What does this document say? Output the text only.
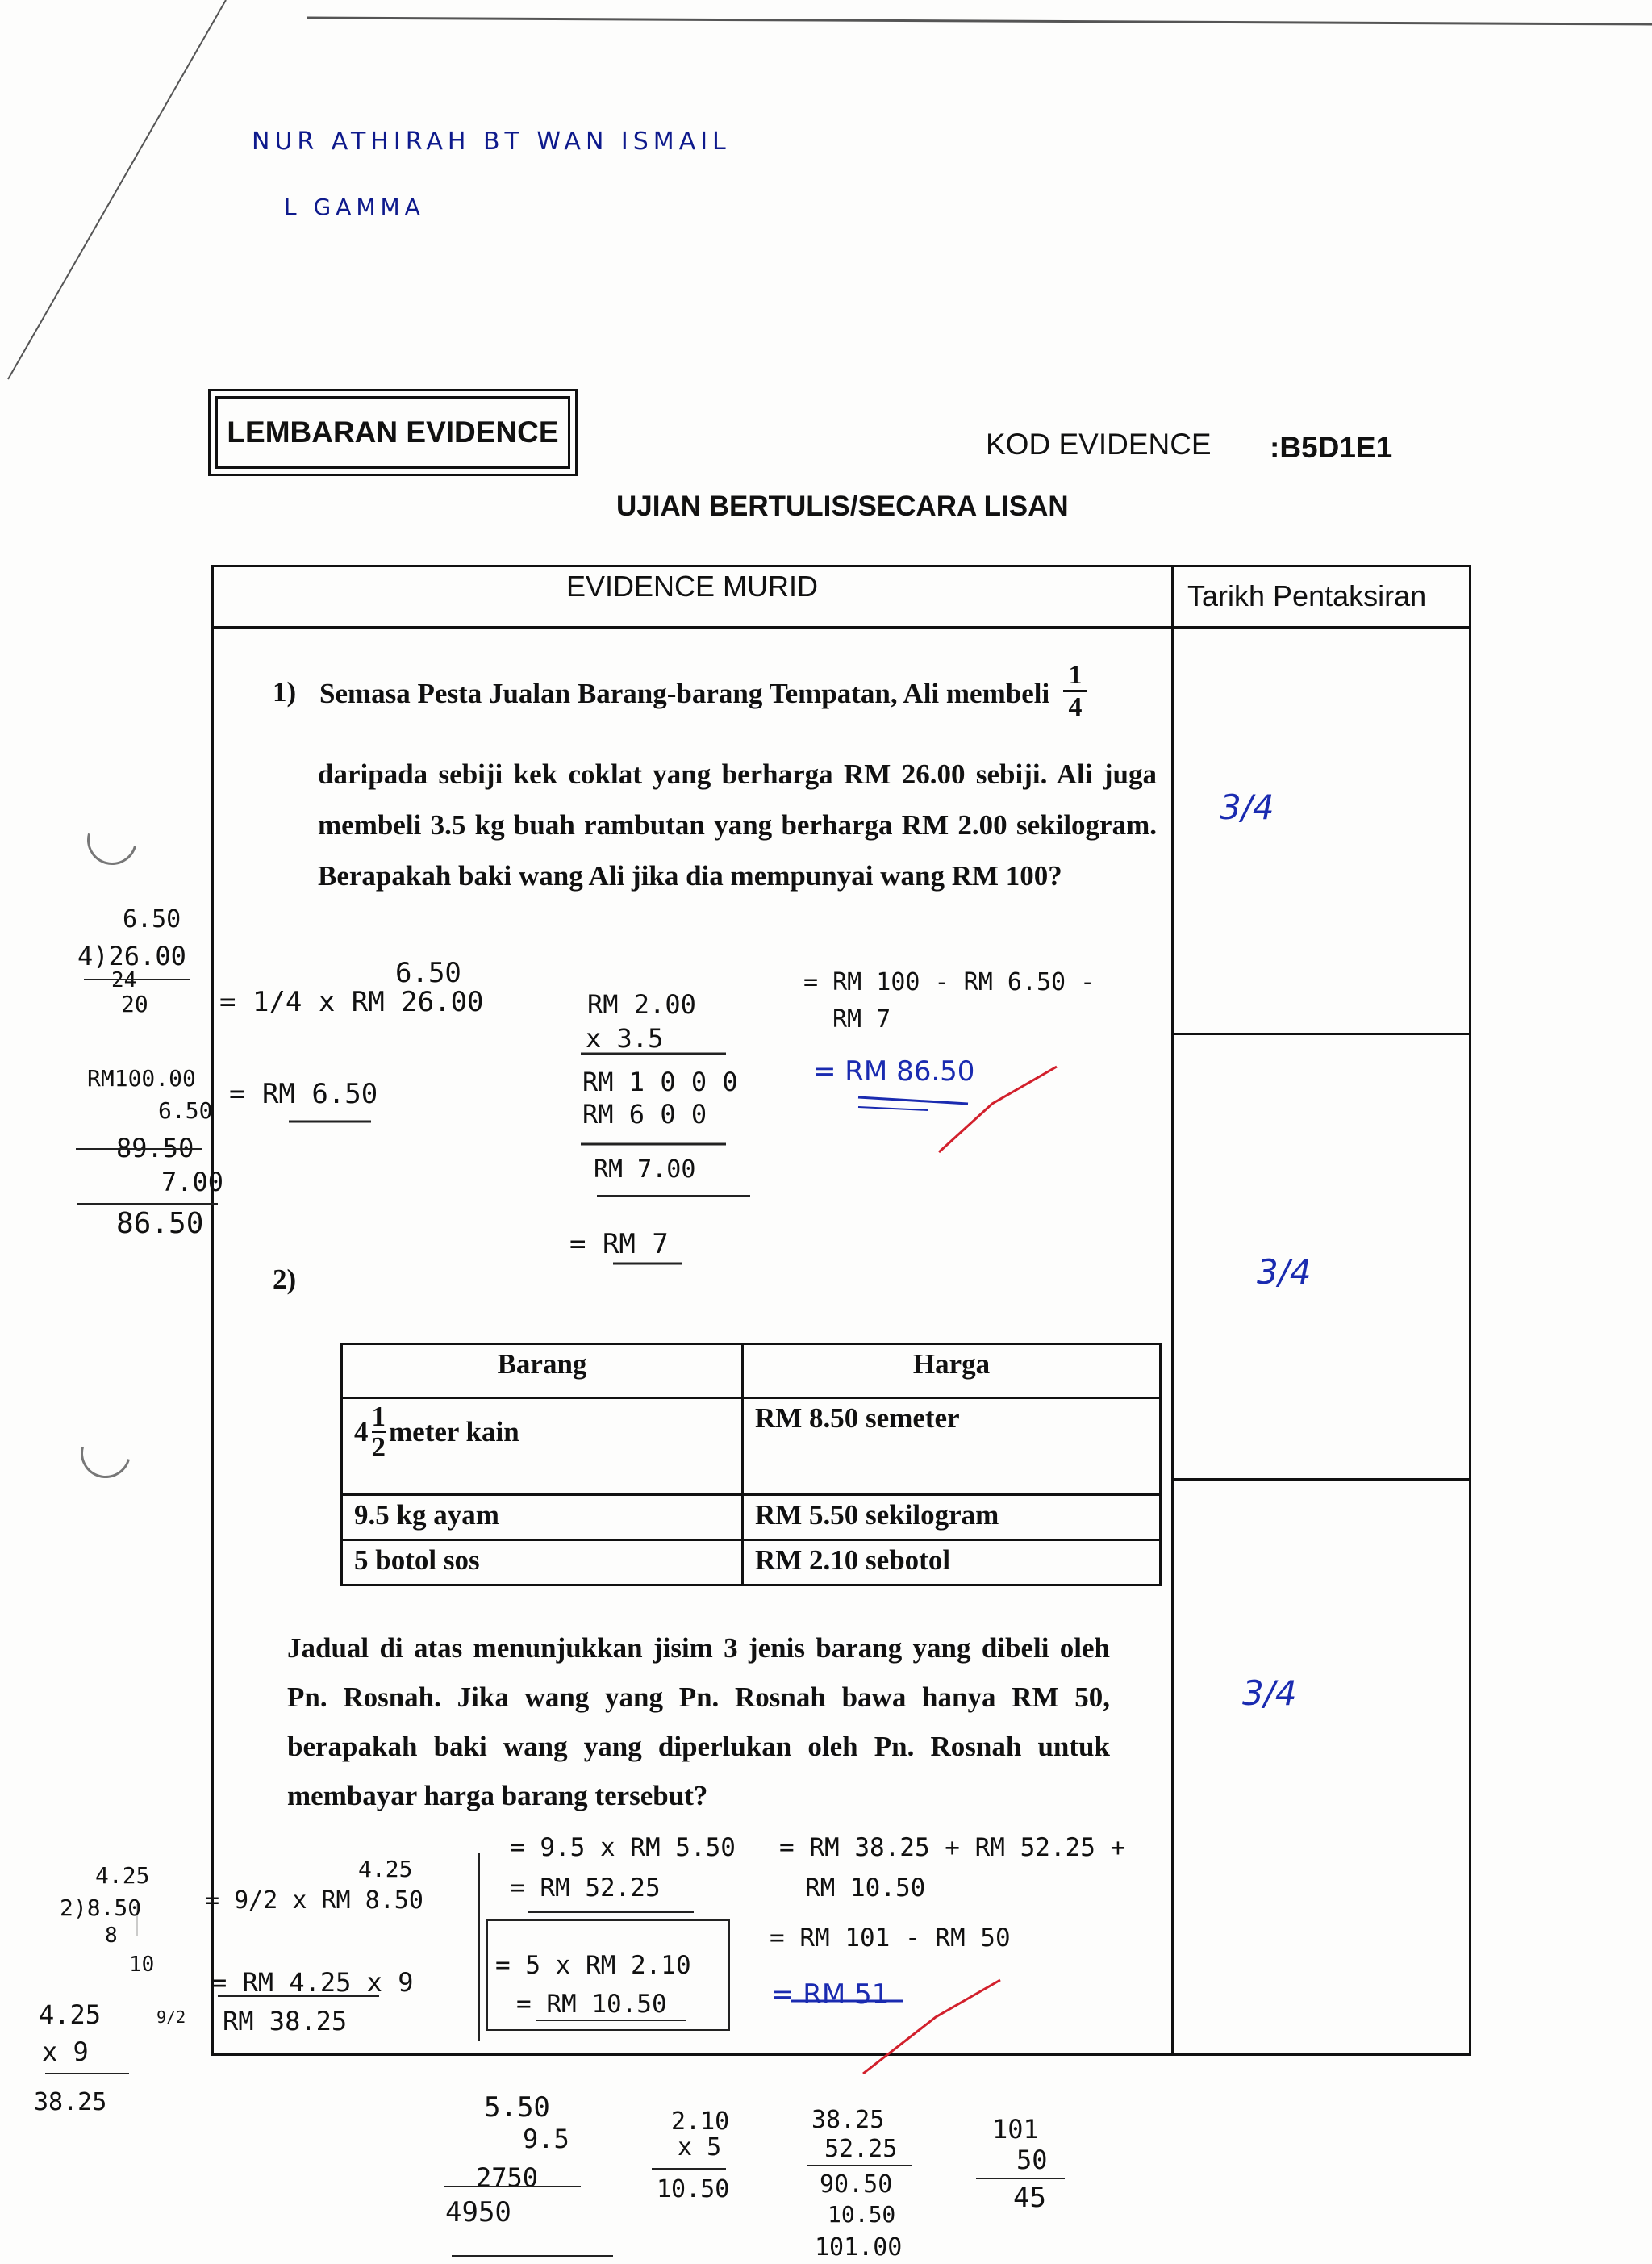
NUR ATHIRAH BT WAN ISMAIL
L GAMMA
LEMBARAN EVIDENCE	KOD EVIDENCE :B5D1E1
UJIAN BERTULIS/SECARA LISAN
EVIDENCE MURID	Tarikh Pentaksiran
3/4
3/4
3/4
1) Semasa Pesta Jualan Barang-barang Tempatan, Ali membeli $\frac{1}{4}$
daripada sebiji kek coklat yang berharga RM 26.00 sebiji. Ali juga membeli 3.5 kg buah rambutan yang berharga RM 2.00 sekilogram. Berapakah baki wang Ali jika dia mempunyai wang RM 100?
6.50
= 1/4 x RM 26.00
= RM 6.50
RM 2.00
x 3.5
RM 1 0 0 0
RM 6 0 0
RM 7.00
= RM 7
= RM 100 - RM 6.50 -
RM 7
= RM 86.50
6.50
4)26.00
24
20
RM100.00
6.50
89.50
7.00
86.50
2)
Barang	Harga

$4 \frac{1}{2}$ meter kain	RM 8.50 semeter
9.5 kg ayam	RM 5.50 sekilogram
5 botol sos	RM 2.10 sebotol
Jadual di atas menunjukkan jisim 3 jenis barang yang dibeli oleh Pn. Rosnah. Jika wang yang Pn. Rosnah bawa hanya RM 50, berapakah baki wang yang diperlukan oleh Pn. Rosnah untuk membayar harga barang tersebut?
4.25
= 9/2 x RM 8.50
= RM 4.25 x 9
RM 38.25
= 9.5 x RM 5.50
= RM 52.25
= 5 x RM 2.10
= RM 10.50
= RM 38.25 + RM 52.25 +
RM 10.50
= RM 101 - RM 50
= RM 51
4.25
2)8.50
8
10
4.25
x 9
38.25
9/2
5.50
9.5
2750
4950
2.10
x 5
10.50
38.25
52.25
90.50
10.50
101.00
101
50
45
